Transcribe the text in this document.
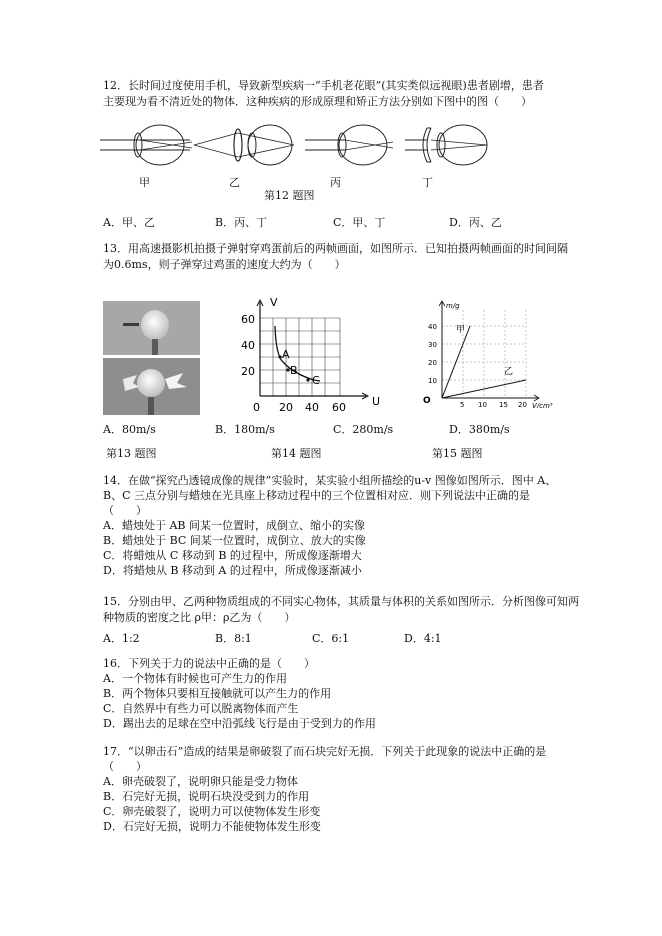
12．长时间过度使用手机，导致新型疾病一“手机老花眼”(其实类似远视眼)患者剧增，患者
主要现为看不清近处的物体．这种疾病的形成原理和矫正方法分别如下图中的图（　　）
甲	乙	丙	丁
第12 题图
A．甲、乙	B．丙、丁	C．甲、丁	D．丙、乙
13．用高速摄影机拍摄子弹射穿鸡蛋前后的两帧画面，如图所示．已知拍摄两帧画面的时间间隔
为0.6ms，则子弹穿过鸡蛋的速度大约为（　　）
V
U
60
40
20
0 20 40 60
A
B
C
m/g
V/cm³
40
30
20
10
O	5 10 15 20
甲
乙
A．80m/s	B．180m/s	C．280m/s	D．380m/s
第13 题图	第14 题图	第15 题图
14．在做“探究凸透镜成像的规律”实验时，某实验小组所描绘的u-v 图像如图所示．图中 A、
B、C 三点分别与蜡烛在光具座上移动过程中的三个位置相对应．则下列说法中正确的是
（　　）
A．蜡烛处于 AB 间某一位置时，成倒立、缩小的实像
B．蜡烛处于 BC 间某一位置时，成倒立、放大的实像
C．将蜡烛从 C 移动到 B 的过程中，所成像逐渐增大
D．将蜡烛从 B 移动到 A 的过程中，所成像逐渐减小
15．分别由甲、乙两种物质组成的不同实心物体，其质量与体积的关系如图所示．分析图像可知两
种物质的密度之比 ρ甲：ρ乙为（　　）
A．1:2	B．8:1	C．6:1	D．4:1
16．下列关于力的说法中正确的是（　　）
A．一个物体有时候也可产生力的作用
B．两个物体只要相互接触就可以产生力的作用
C．自然界中有些力可以脱离物体而产生
D．踢出去的足球在空中沿弧线飞行是由于受到力的作用
17．“以卵击石”造成的结果是卵破裂了而石块完好无损．下列关于此现象的说法中正确的是
（　　）
A．卵壳破裂了，说明卵只能是受力物体
B．石完好无损，说明石块没受到力的作用
C．卵壳破裂了，说明力可以使物体发生形变
D．石完好无损，说明力不能使物体发生形变
